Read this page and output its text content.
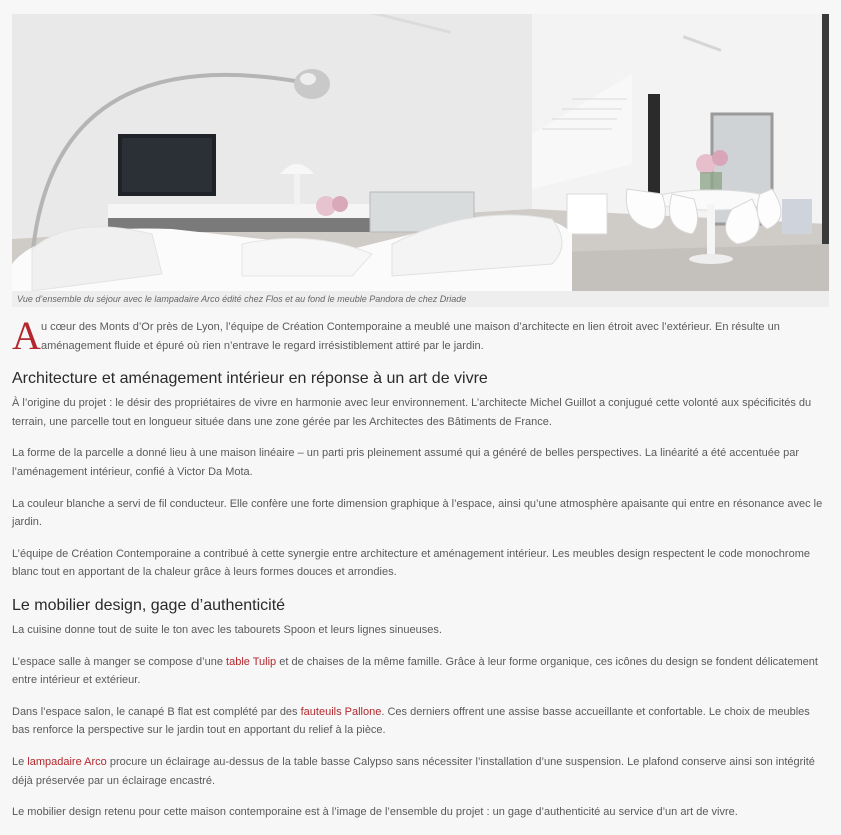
Vue d’ensemble du séjour avec le lampadaire Arco édité chez Flos et au fond le meuble Pandora de chez Driade

A u cœur des Monts d’Or près de Lyon, l’équipe de Création Contemporaine a meublé une maison d’architecte en lien étroit avec l’extérieur. En résulte un aménagement fluide et épuré où rien n’entrave le regard irrésistiblement attiré par le jardin.

Architecture et aménagement intérieur en réponse à un art de vivre

À l’origine du projet : le désir des propriétaires de vivre en harmonie avec leur environnement. L’architecte Michel Guillot a conjugué cette volonté aux spécificités du terrain, une parcelle tout en longueur située dans une zone gérée par les Architectes des Bâtiments de France.

La forme de la parcelle a donné lieu à une maison linéaire – un parti pris pleinement assumé qui a généré de belles perspectives. La linéarité a été accentuée par l’aménagement intérieur, confié à Victor Da Mota.

La couleur blanche a servi de fil conducteur. Elle confère une forte dimension graphique à l’espace, ainsi qu’une atmosphère apaisante qui entre en résonance avec le jardin.

L’équipe de Création Contemporaine a contribué à cette synergie entre architecture et aménagement intérieur. Les meubles design respectent le code monochrome blanc tout en apportant de la chaleur grâce à leurs formes douces et arrondies.

Le mobilier design, gage d’authenticité

La cuisine donne tout de suite le ton avec les tabourets Spoon et leurs lignes sinueuses.

L’espace salle à manger se compose d’une table Tulip et de chaises de la même famille. Grâce à leur forme organique, ces icônes du design se fondent délicatement entre intérieur et extérieur.

Dans l’espace salon, le canapé B flat est complété par des fauteuils Pallone. Ces derniers offrent une assise basse accueillante et confortable. Le choix de meubles bas renforce la perspective sur le jardin tout en apportant du relief à la pièce.

Le lampadaire Arco procure un éclairage au-dessus de la table basse Calypso sans nécessiter l’installation d’une suspension. Le plafond conserve ainsi son intégrité déjà préservée par un éclairage encastré.

Le mobilier design retenu pour cette maison contemporaine est à l’image de l’ensemble du projet : un gage d’authenticité au service d’un art de vivre.
